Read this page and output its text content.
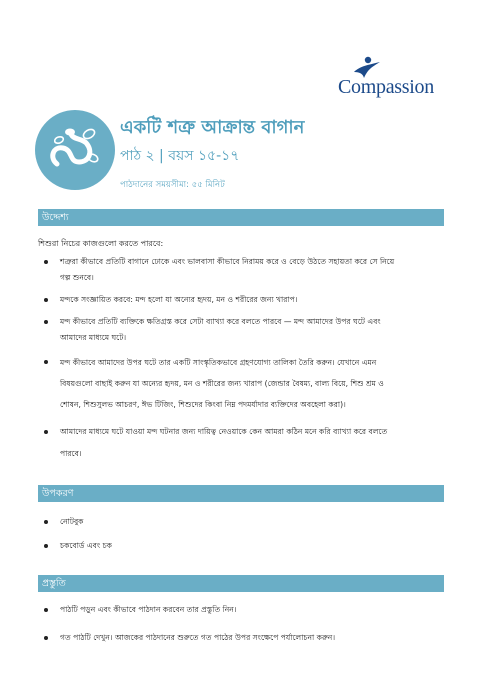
Compassion
একটি শত্রু আক্রান্ত বাগান
পাঠ ২ | বয়স ১৫-১৭
পাঠদানের সময়সীমা: ৫৫ মিনিট
উদ্দেশ্য
শিশুরা নিচের কাজগুলো করতে পারবে:
শত্রুরা কীভাবে প্রতিটি বাগানে ঢোকে এবং ভালবাসা কীভাবে নিরাময় করে ও বেড়ে উঠতে সহায়তা করে সে নিয়ে
গল্প শুনবে।
মন্দকে সংজ্ঞায়িত করবে: মন্দ হলো যা অন্যের হৃদয়, মন ও শরীরের জন্য খারাপ।
মন্দ কীভাবে প্রতিটি ব্যক্তিকে ক্ষতিগ্রস্ত করে সেটা ব্যাখ্যা করে বলতে পারবে — মন্দ আমাদের উপর ঘটে এবং
আমাদের মাধ্যমে ঘটে।
মন্দ কীভাবে আমাদের উপর ঘটে তার একটি সাংস্কৃতিকভাবে গ্রহণযোগ্য তালিকা তৈরি করুন। যেখানে এমন
বিষয়গুলো বাছাই করুন যা অন্যের হৃদয়, মন ও শরীরের জন্য খারাপ (জেন্ডার বৈষম্য, বাল্য বিয়ে, শিশু শ্রম ও
শোষন, শিশুসুলভ আচরণ, ঈভ টিজিং, শিশুদের কিংবা নিম্ন পদমর্যাদার ব্যক্তিদের অবহেলা করা)।
আমাদের মাধ্যমে ঘটে যাওয়া মন্দ ঘটনার জন্য দায়িত্ব নেওয়াকে কেন আমরা কঠিন মনে করি ব্যাখ্যা করে বলতে
পারবে।
উপকরণ
নোটবুক
চকবোর্ড এবং চক
প্রস্তুতি
পাঠটি পড়ুন এবং কীভাবে পাঠদান করবেন তার প্রস্তুতি নিন।
গত পাঠটি দেখুন। আজকের পাঠদানের শুরুতে গত পাঠের উপর সংক্ষেপে পর্যালোচনা করুন।
